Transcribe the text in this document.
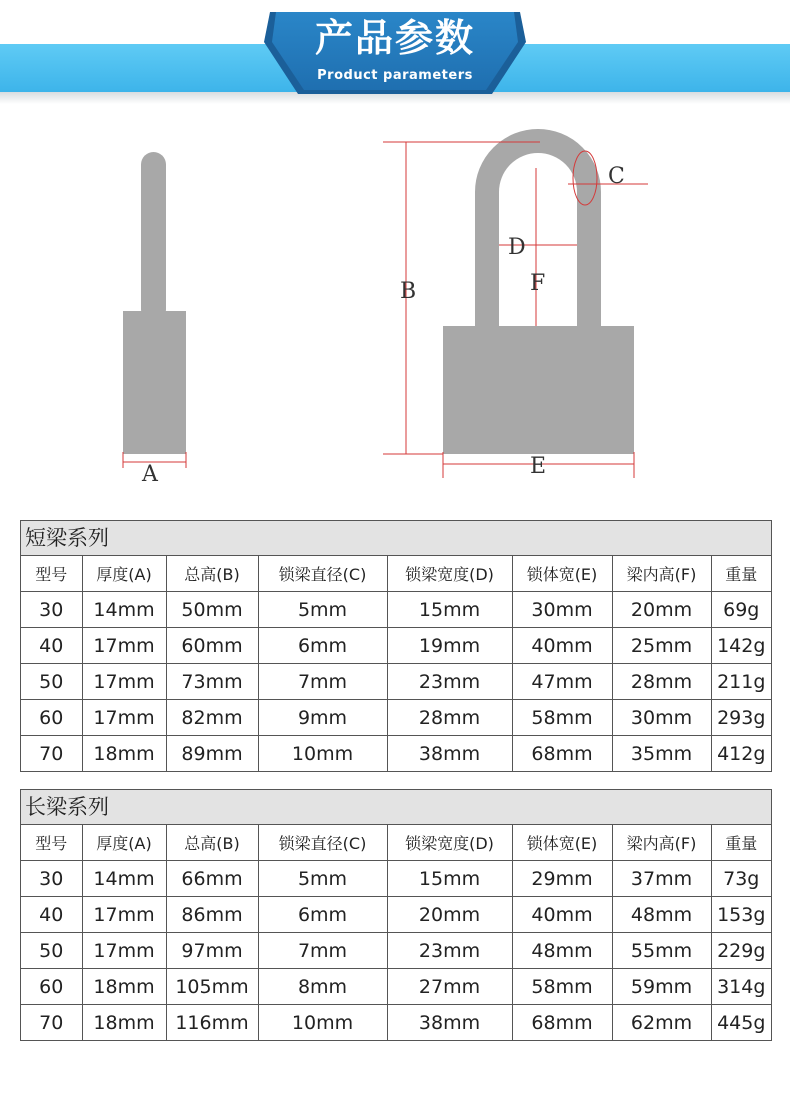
产品参数
Product parameters
A
B
C
D
F
E
短梁系列
型号	厚度(A)	总高(B)	锁梁直径(C)	锁梁宽度(D)	锁体宽(E)	梁内高(F)	重量
30	14mm	50mm	5mm	15mm	30mm	20mm	69g
40	17mm	60mm	6mm	19mm	40mm	25mm	142g
50	17mm	73mm	7mm	23mm	47mm	28mm	211g
60	17mm	82mm	9mm	28mm	58mm	30mm	293g
70	18mm	89mm	10mm	38mm	68mm	35mm	412g
长梁系列
型号	厚度(A)	总高(B)	锁梁直径(C)	锁梁宽度(D)	锁体宽(E)	梁内高(F)	重量
30	14mm	66mm	5mm	15mm	29mm	37mm	73g
40	17mm	86mm	6mm	20mm	40mm	48mm	153g
50	17mm	97mm	7mm	23mm	48mm	55mm	229g
60	18mm	105mm	8mm	27mm	58mm	59mm	314g
70	18mm	116mm	10mm	38mm	68mm	62mm	445g
